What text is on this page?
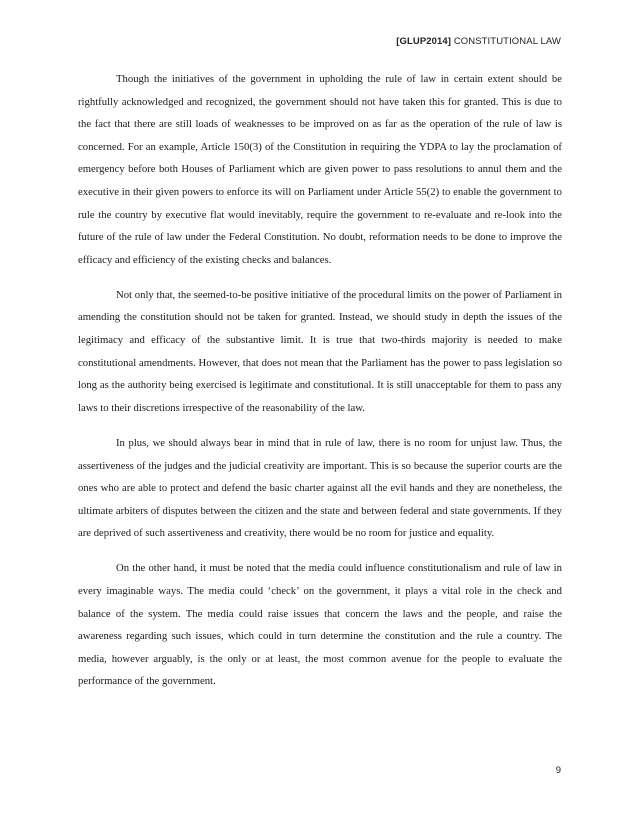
[GLUP2014] CONSTITUTIONAL LAW

Though the initiatives of the government in upholding the rule of law in certain extent should be rightfully acknowledged and recognized, the government should not have taken this for granted. This is due to the fact that there are still loads of weaknesses to be improved on as far as the operation of the rule of law is concerned. For an example, Article 150(3) of the Constitution in requiring the YDPA to lay the proclamation of emergency before both Houses of Parliament which are given power to pass resolutions to annul them and the executive in their given powers to enforce its will on Parliament under Article 55(2) to enable the government to rule the country by executive flat would inevitably, require the government to re-evaluate and re-look into the future of the rule of law under the Federal Constitution. No doubt, reformation needs to be done to improve the efficacy and efficiency of the existing checks and balances.

Not only that, the seemed-to-be positive initiative of the procedural limits on the power of Parliament in amending the constitution should not be taken for granted. Instead, we should study in depth the issues of the legitimacy and efficacy of the substantive limit. It is true that two-thirds majority is needed to make constitutional amendments. However, that does not mean that the Parliament has the power to pass legislation so long as the authority being exercised is legitimate and constitutional. It is still unacceptable for them to pass any laws to their discretions irrespective of the reasonability of the law.

In plus, we should always bear in mind that in rule of law, there is no room for unjust law. Thus, the assertiveness of the judges and the judicial creativity are important. This is so because the superior courts are the ones who are able to protect and defend the basic charter against all the evil hands and they are nonetheless, the ultimate arbiters of disputes between the citizen and the state and between federal and state governments. If they are deprived of such assertiveness and creativity, there would be no room for justice and equality.

On the other hand, it must be noted that the media could influence constitutionalism and rule of law in every imaginable ways. The media could ‘check’ on the government, it plays a vital role in the check and balance of the system. The media could raise issues that concern the laws and the people, and raise the awareness regarding such issues, which could in turn determine the constitution and the rule a country. The media, however arguably, is the only or at least, the most common avenue for the people to evaluate the performance of the government.

9
